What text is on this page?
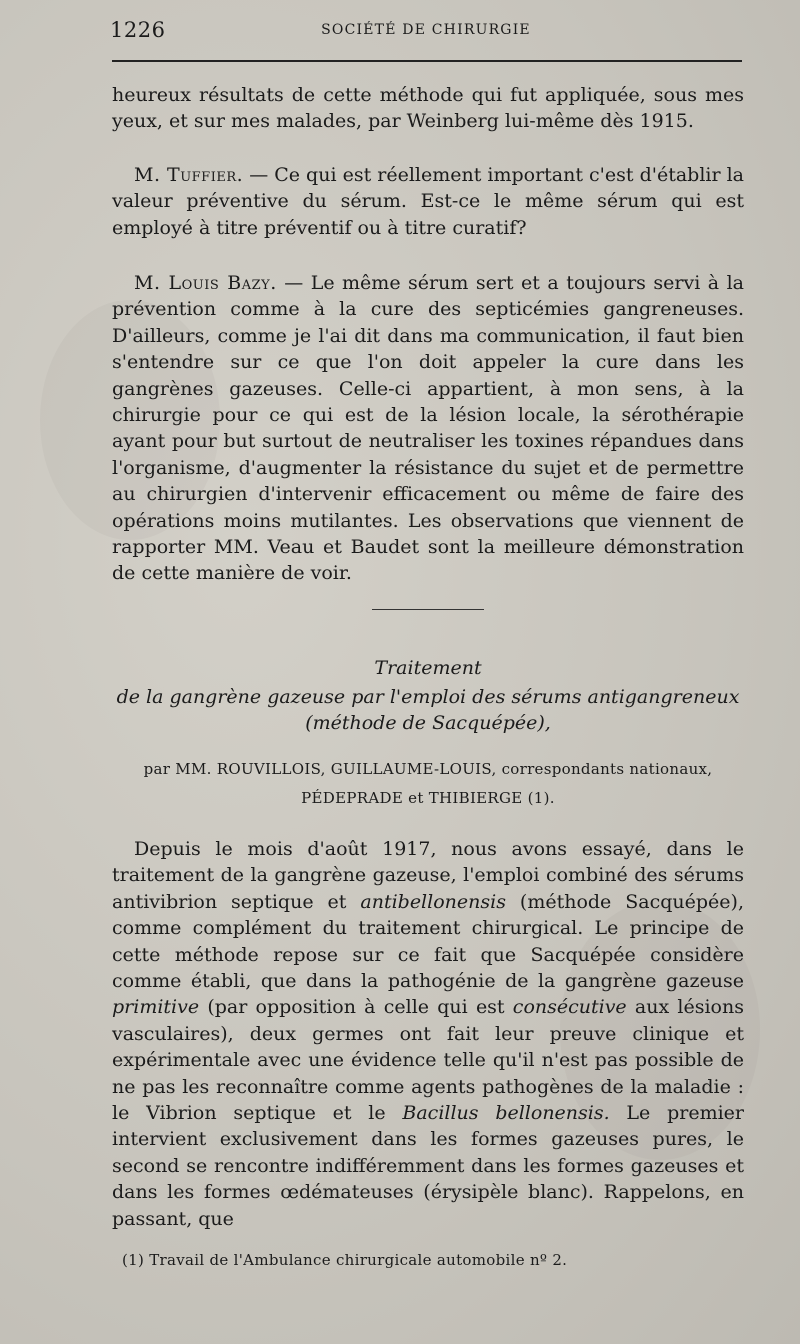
1226	SOCIÉTÉ DE CHIRURGIE

heureux résultats de cette méthode qui fut appliquée, sous mes yeux, et sur mes malades, par Weinberg lui-même dès 1915.

M. Tuffier. — Ce qui est réellement important c'est d'établir la valeur préventive du sérum. Est-ce le même sérum qui est employé à titre préventif ou à titre curatif?

M. Louis Bazy. — Le même sérum sert et a toujours servi à la prévention comme à la cure des septicémies gangreneuses. D'ailleurs, comme je l'ai dit dans ma communication, il faut bien s'entendre sur ce que l'on doit appeler la cure dans les gangrènes gazeuses. Celle-ci appartient, à mon sens, à la chirurgie pour ce qui est de la lésion locale, la sérothérapie ayant pour but surtout de neutraliser les toxines répandues dans l'organisme, d'augmenter la résistance du sujet et de permettre au chirurgien d'intervenir efficacement ou même de faire des opérations moins mutilantes. Les observations que viennent de rapporter MM. Veau et Baudet sont la meilleure démonstration de cette manière de voir.

Traitement
de la gangrène gazeuse par l'emploi des sérums antigangreneux
(méthode de Sacquépée),
par MM. ROUVILLOIS, GUILLAUME-LOUIS, correspondants nationaux,
PÉDEPRADE et THIBIERGE (1).

Depuis le mois d'août 1917, nous avons essayé, dans le traitement de la gangrène gazeuse, l'emploi combiné des sérums antivibrion septique et antibellonensis (méthode Sacquépée), comme complément du traitement chirurgical. Le principe de cette méthode repose sur ce fait que Sacquépée considère comme établi, que dans la pathogénie de la gangrène gazeuse primitive (par opposition à celle qui est consécutive aux lésions vasculaires), deux germes ont fait leur preuve clinique et expérimentale avec une évidence telle qu'il n'est pas possible de ne pas les reconnaître comme agents pathogènes de la maladie : le Vibrion septique et le Bacillus bellonensis. Le premier intervient exclusivement dans les formes gazeuses pures, le second se rencontre indifféremment dans les formes gazeuses et dans les formes œdémateuses (érysipèle blanc). Rappelons, en passant, que

(1) Travail de l'Ambulance chirurgicale automobile nº 2.
